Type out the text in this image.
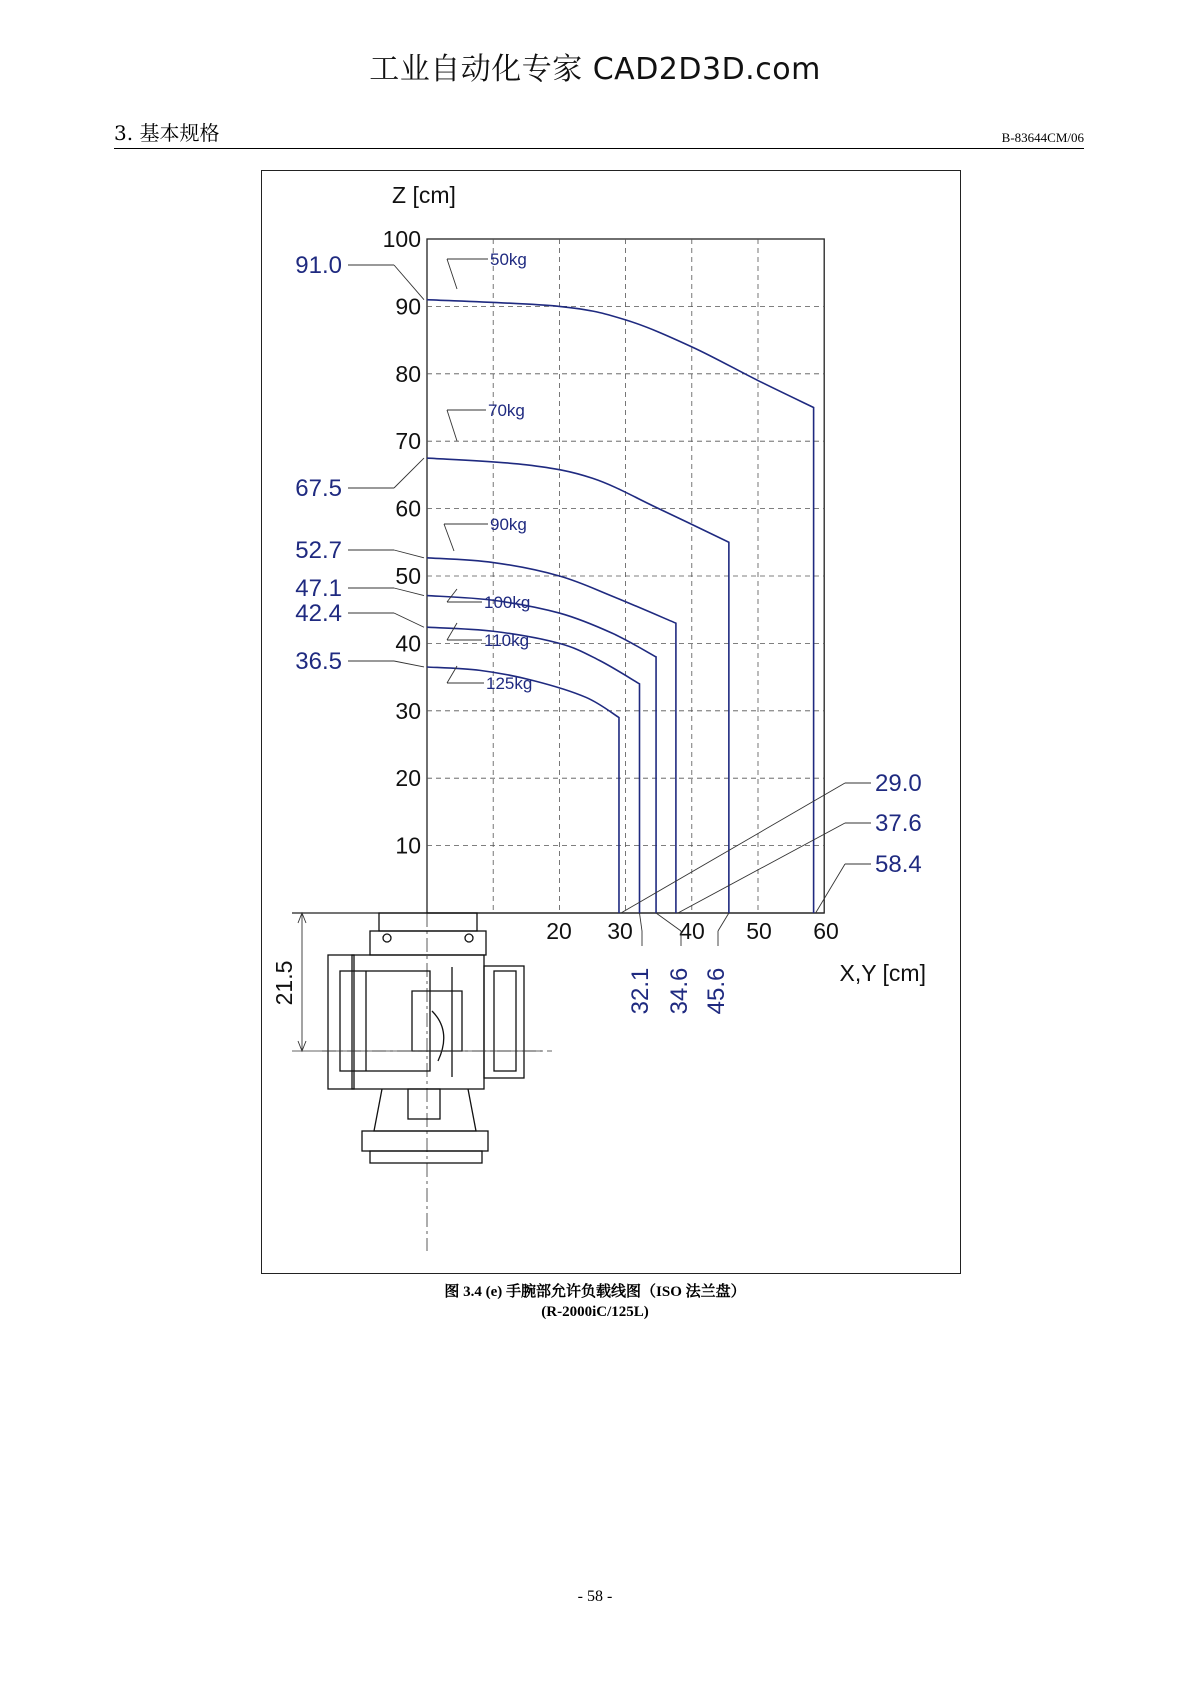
工业自动化专家 CAD2D3D.com
3. 基本规格	B-83644CM/06
10
20
30
40
50
60
70
80
90
100
20 30 40 50 60
Z [cm]
X,Y [cm]
50kg
70kg
90kg
100kg
110kg
125kg
91.0
67.5
52.7
47.1
42.4
36.5
29.0
37.6
58.4
32.1 34.6 45.6
21.5
图 3.4 (e) 手腕部允许负载线图（ISO 法兰盘）
(R-2000iC/125L)
- 58 -
